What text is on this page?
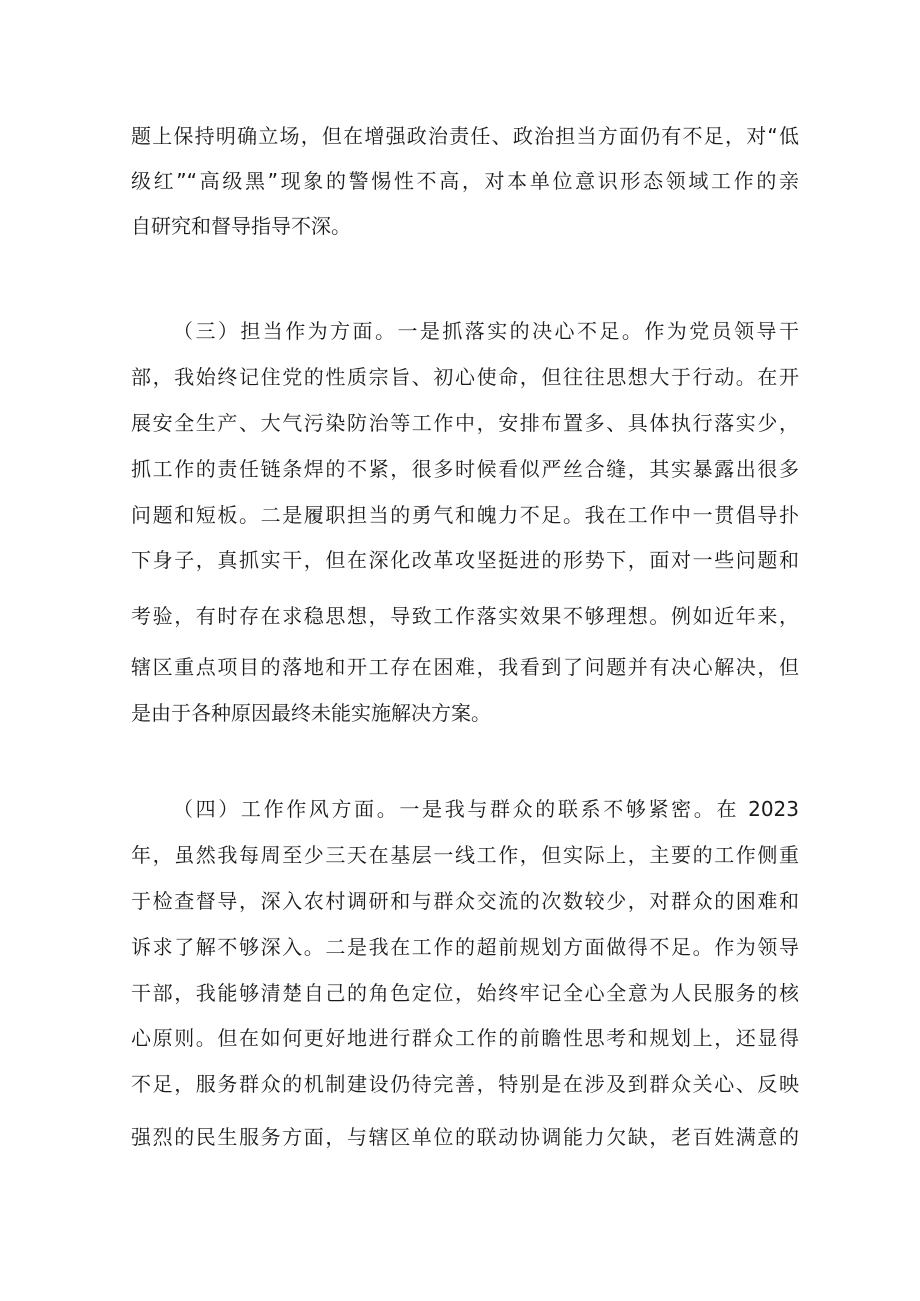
题上保持明确立场，但在增强政治责任、政治担当方面仍有不足，对“低
级红”“高级黑”现象的警惕性不高，对本单位意识形态领域工作的亲
自研究和督导指导不深。
（三）担当作为方面。一是抓落实的决心不足。作为党员领导干
部，我始终记住党的性质宗旨、初心使命，但往往思想大于行动。在开
展安全生产、大气污染防治等工作中，安排布置多、具体执行落实少，
抓工作的责任链条焊的不紧，很多时候看似严丝合缝，其实暴露出很多
问题和短板。二是履职担当的勇气和魄力不足。我在工作中一贯倡导扑
下身子，真抓实干，但在深化改革攻坚挺进的形势下，面对一些问题和
考验，有时存在求稳思想，导致工作落实效果不够理想。例如近年来，
辖区重点项目的落地和开工存在困难，我看到了问题并有决心解决，但
是由于各种原因最终未能实施解决方案。
（四）工作作风方面。一是我与群众的联系不够紧密。在 2023
年，虽然我每周至少三天在基层一线工作，但实际上，主要的工作侧重
于检查督导，深入农村调研和与群众交流的次数较少，对群众的困难和
诉求了解不够深入。二是我在工作的超前规划方面做得不足。作为领导
干部，我能够清楚自己的角色定位，始终牢记全心全意为人民服务的核
心原则。但在如何更好地进行群众工作的前瞻性思考和规划上，还显得
不足，服务群众的机制建设仍待完善，特别是在涉及到群众关心、反映
强烈的民生服务方面，与辖区单位的联动协调能力欠缺，老百姓满意的
